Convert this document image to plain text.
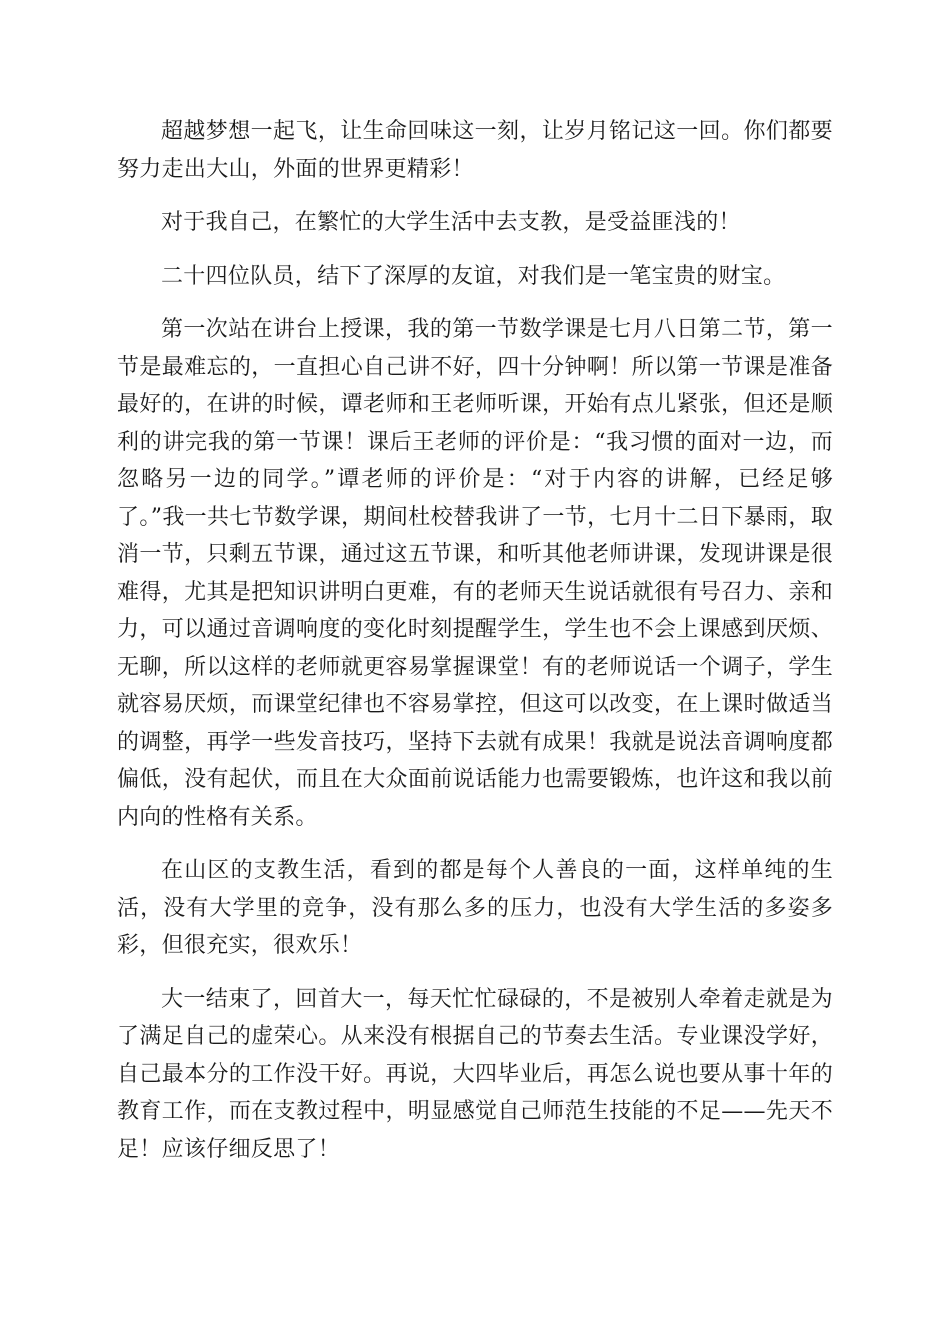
超越梦想一起飞，让生命回味这一刻，让岁月铭记这一回。你们都要努力走出大山，外面的世界更精彩！

对于我自己，在繁忙的大学生活中去支教，是受益匪浅的！

二十四位队员，结下了深厚的友谊，对我们是一笔宝贵的财宝。

第一次站在讲台上授课，我的第一节数学课是七月八日第二节，第一节是最难忘的，一直担心自己讲不好，四十分钟啊！所以第一节课是准备最好的，在讲的时候，谭老师和王老师听课，开始有点儿紧张，但还是顺利的讲完我的第一节课！课后王老师的评价是：“我习惯的面对一边，而忽略另一边的同学。”谭老师的评价是：“对于内容的讲解，已经足够了。”我一共七节数学课，期间杜校替我讲了一节，七月十二日下暴雨，取消一节，只剩五节课，通过这五节课，和听其他老师讲课，发现讲课是很难得，尤其是把知识讲明白更难，有的老师天生说话就很有号召力、亲和力，可以通过音调响度的变化时刻提醒学生，学生也不会上课感到厌烦、无聊，所以这样的老师就更容易掌握课堂！有的老师说话一个调子，学生就容易厌烦，而课堂纪律也不容易掌控，但这可以改变，在上课时做适当的调整，再学一些发音技巧，坚持下去就有成果！我就是说法音调响度都偏低，没有起伏，而且在大众面前说话能力也需要锻炼，也许这和我以前内向的性格有关系。

在山区的支教生活，看到的都是每个人善良的一面，这样单纯的生活，没有大学里的竞争，没有那么多的压力，也没有大学生活的多姿多彩，但很充实，很欢乐！

大一结束了，回首大一，每天忙忙碌碌的，不是被别人牵着走就是为了满足自己的虚荣心。从来没有根据自己的节奏去生活。专业课没学好，自己最本分的工作没干好。再说，大四毕业后，再怎么说也要从事十年的教育工作，而在支教过程中，明显感觉自己师范生技能的不足——先天不足！应该仔细反思了！
